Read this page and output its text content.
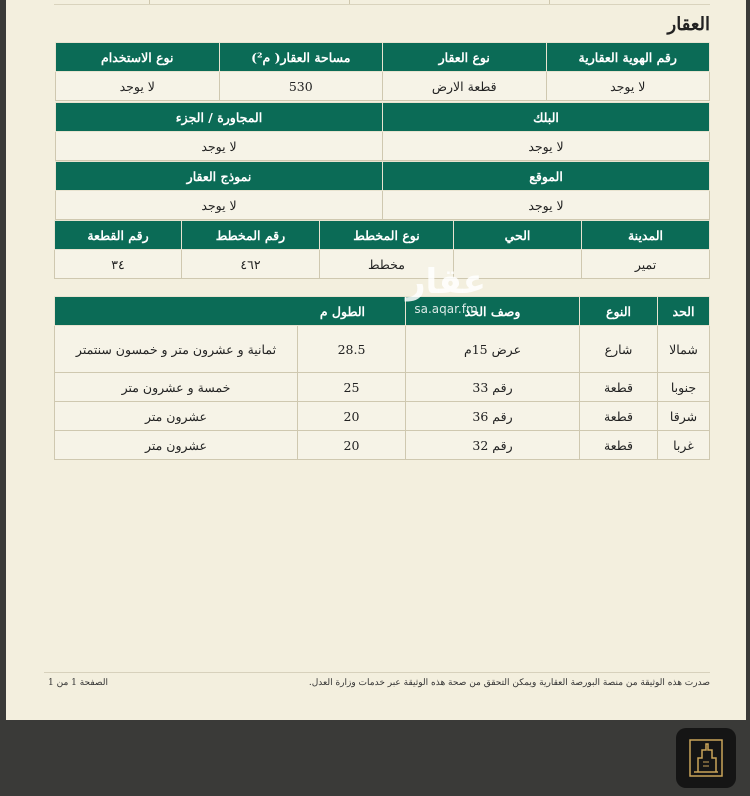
العقار
رقم الهوية العقارية	نوع العقار	مساحة العقار( م²)	نوع الاستخدام
لا يوجد	قطعة الارض	530	لا يوجد
البلك	المجاورة / الجزء
لا يوجد	لا يوجد
الموقع	نموذج العقار
لا يوجد	لا يوجد
المدينة	الحي	نوع المخطط	رقم المخطط	رقم القطعة
تمير		مخطط	٤٦٢	٣٤
الحد	النوع	وصف الحد	الطول م	
شمالا	شارع	عرض 15م	28.5	ثمانية و عشرون متر و خمسون سنتمتر
جنوبا	قطعة	رقم 33	25	خمسة و عشرون متر
شرقا	قطعة	رقم 36	20	عشرون متر
غربا	قطعة	رقم 32	20	عشرون متر
عقار
sa.aqar.fm
صدرت هذه الوثيقة من منصة البورصة العقارية ويمكن التحقق من صحة هذه الوثيقة عبر خدمات وزارة العدل.
الصفحة 1 من 1
